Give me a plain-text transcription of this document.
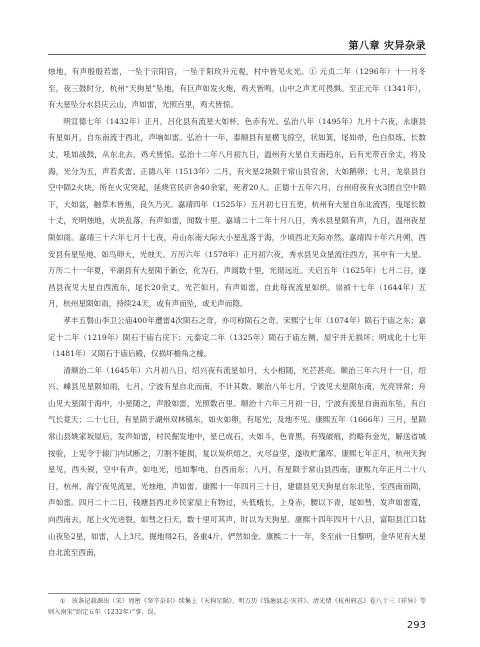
第八章 灾异杂录

烛地，有声殷殷若雷，一坠于宗阳宫，一坠于阳玫升元观，村中皆见火光。① 元贞二年（1296年）十一月冬至，夜三鼓时分，杭州“天狗星”坠地，有巨声如发火炮，鸡犬皆鸣，山中之声尤可畏惧。至正元年（1341年），有大星坠分水县庆云山，声如雷，光照百里，鸡犬皆惊。

明宣德七年（1432年）正月，吕化县有流星大如杯，色赤有光。弘治八年（1495年）九月十六夜，永康县有星如月，自东南流于西北，声响如雷。弘治十一年，泰顺县有星横飞掠空，状如箕，尾如帚，色白似练，长数丈，吼如战鼓，从东北去，鸡犬皆惊。弘治十二年八月初九日，温州有大星自天南趋东，后有光带百余丈，将及海，光分为五，声若炙雷。正德八年（1513年）二月，有火星2块陨于常山县官舍，大如鹅卵；七月，龙泉县自空中陨2火块，所在火灾突起，延烧官民庐舍40余家，死者20人。正德十五年六月，台州府夜有火3团自空中陨下，大如盆，触草木皆焦，良久乃灭。嘉靖四年（1525年）五月初七日五更，杭州有大星自东北流西，曳尾长数十丈，光明烛地，火块乱落，有声如雷，闻数十里。嘉靖二十二年十月八日，秀水县星陨有声，九日，温州夜星陨如雨。嘉靖三十六年七月十七夜，舟山东南大际大小星乱落于海，少顷西北天际亦然。嘉靖四十年六月朔，西安县有星坠地，如鸟卵大，光烛天。万历六年（1578年）正月初六夜，秀水县见众星流往西方，其中有一大星。万历二十一年夏，平湖县有大星陨于新仓，化为石，声闻数十里，光彻远近。天启五年（1625年）七月二日，遂昌县夜见大星自西流东，尾长20余丈，光芒如月，有声如雷，自此每夜流星如织。崇祯十七年（1644年）五月，杭州星陨如雨，持续24天，或有声而坠，或无声而隐。

孝丰五磐山李卫公庙400年遭雷4次陨石之奇，亦可称陨石之奇。宋熙宁七年（1074年）陨石于庙之东；嘉定十二年（1219年）陨石于庙右庑下；元泰定二年（1325年）陨石于庙左侧，屋宇并无损坏；明成化十七年（1481年）又陨石于庙后殿，仅损坏檐角之椽。

清顺治二年（1645年）六月初八日，绍兴夜有流星如月，大小相随，光芒甚亮。顺治三年六月十一日，绍兴、嵊县见星陨如雨，七月，宁波有星自北而南，不计其数。顺治八年七月，宁波见大星陨东南，光亮异常；舟山见大星陨于海中，小星随之，声殷如雷，光照数百里。顺治十六年三月初一日，宁波有流星自南而东坠，有白气长竟天；二十七日，有星陨于湖州双林镇东，如火如卵，有尾光，及地不见。康熙五年（1666年）三月，星陨常山县姚家坂屋后，发声如雷，村民掘发地中，星已成石，大如斗，色青黑，有残破痕，约略有金光，解送省城按验，上宪令于辕门内试断之，刀割不能损，复以炭炽熔之，火尽益坚，遂收贮藩库。康熙七年正月，杭州天狗星见，西头锐，空中有声，如电光，迅如掣电，自西而东；八月，有星陨于常山县西南。康熙九年正月二十八日，杭州、海宁夜见流星，光烛地，声如雷。康熙十一年四月三十日，建德县见天狗星自东北坠，至西南而陨，声如雷。四月二十二日，钱塘县西北乡民家屋上有物过，头低蛾长，上身赤，腰以下青，尾如彗，发声如雷霆，向西南去，尾上火光迸裂，如彗之扫天，数十里可其声，时以为天狗星。康熙十四年四月十八日，富阳县江口陆山夜坠2星，如雷，人上3尺，掘地得2石，各重4斤，俨然如金。康熙二十一年，冬至前一日黎明，金华见有大星自北流至西南，

① 该条记载源出（宋）周密《癸辛杂识》续集上《天狗星陨》，明万历《钱塘县志·灾祥》、清光绪《杭州府志》卷八十三《祥异》等则入南宋“绍定五年（1232年）”事，误。
293
